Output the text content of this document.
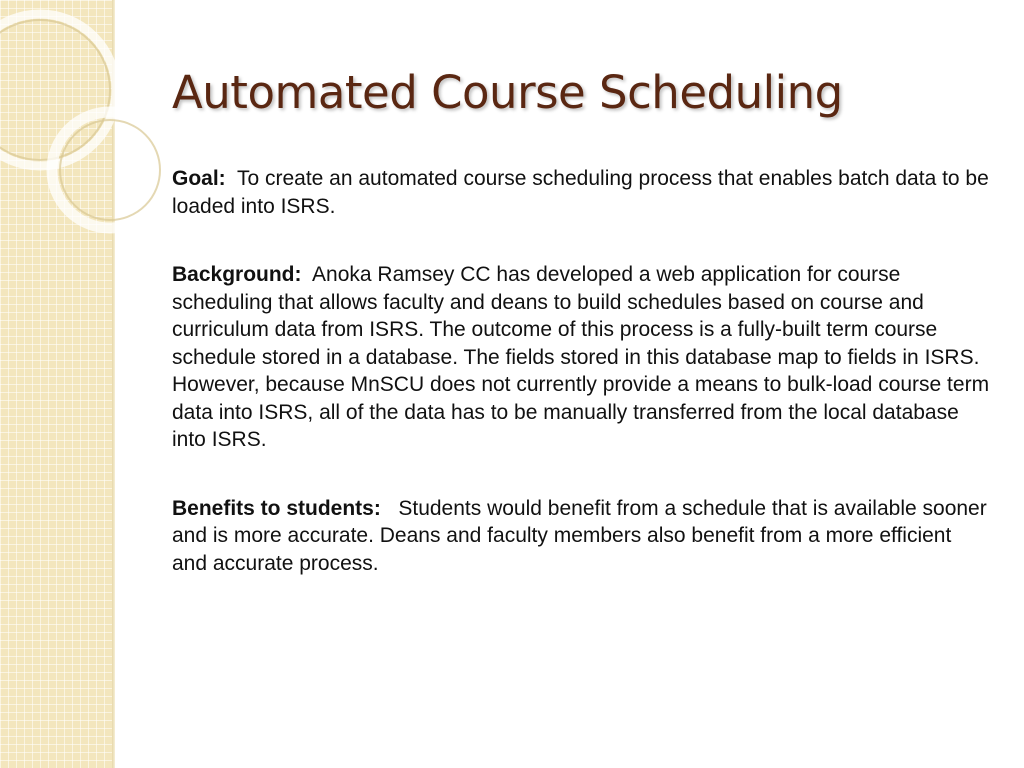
Automated Course Scheduling

Goal: To create an automated course scheduling process that enables batch data to be loaded into ISRS.

Background: Anoka Ramsey CC has developed a web application for course scheduling that allows faculty and deans to build schedules based on course and curriculum data from ISRS. The outcome of this process is a fully-built term course schedule stored in a database. The fields stored in this database map to fields in ISRS. However, because MnSCU does not currently provide a means to bulk-load course term data into ISRS, all of the data has to be manually transferred from the local database into ISRS.

Benefits to students: Students would benefit from a schedule that is available sooner and is more accurate. Deans and faculty members also benefit from a more efficient and accurate process.
